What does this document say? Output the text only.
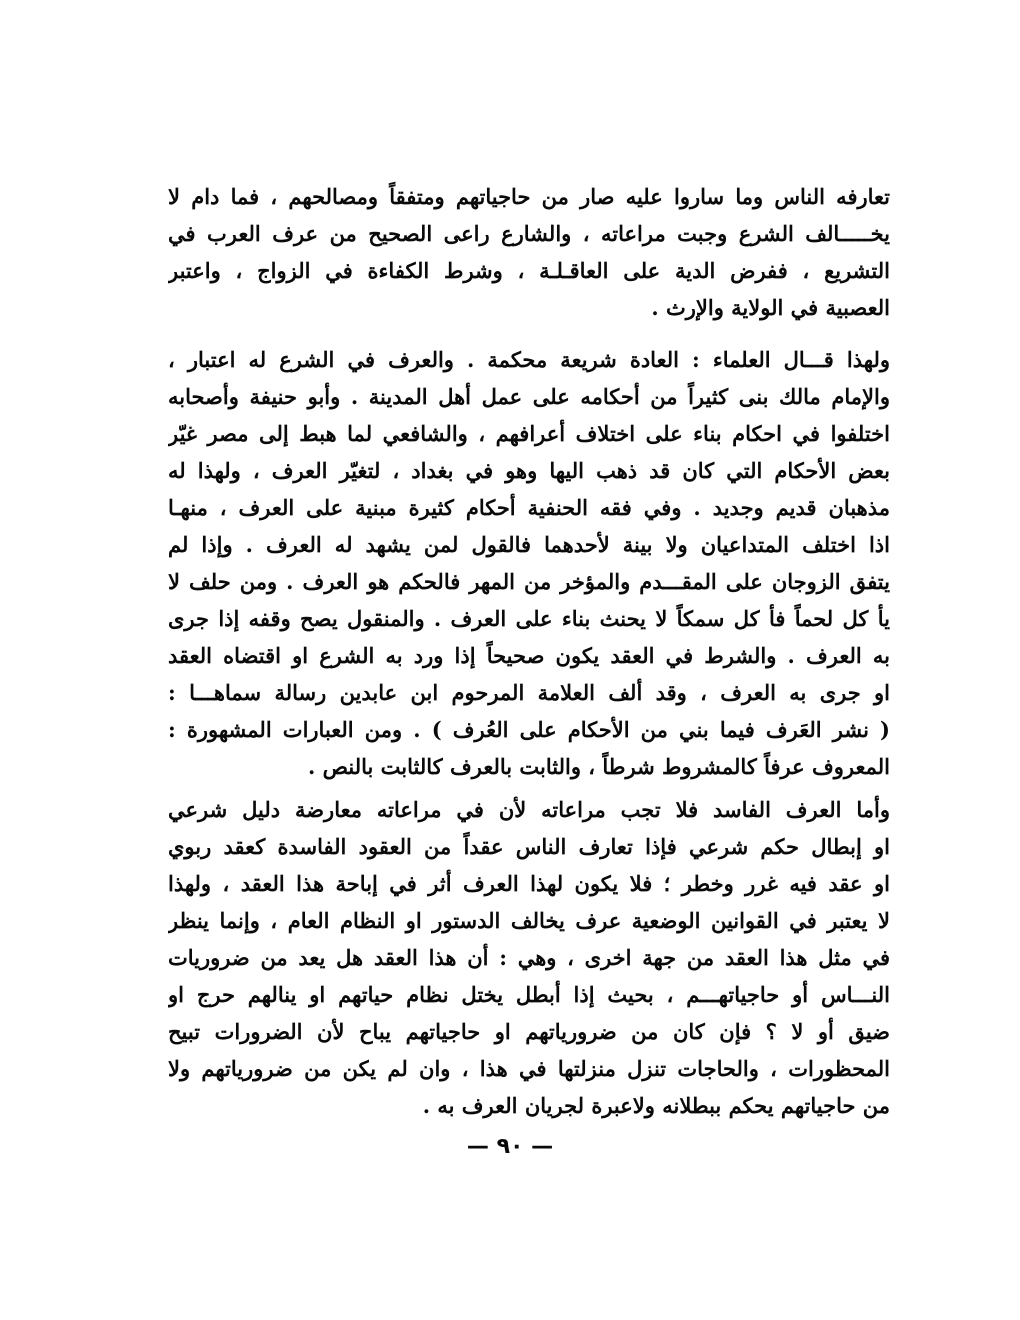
تعارفه الناس وما ساروا عليه صار من حاجياتهم ومتفقاً ومصالحهم ، فما دام لا
يخـــــالف الشرع وجبت مراعاته ، والشارع راعى الصحيح من عرف العرب في
التشريع ، ففرض الدية على العاقـلـة ، وشرط الكفاءة في الزواج ، واعتبر
العصبية في الولاية والإرث .
ولهذا قـــال العلماء : العادة شريعة محكمة . والعرف في الشرع له اعتبار ،
والإمام مالك بنى كثيراً من أحكامه على عمل أهل المدينة . وأبو حنيفة وأصحابه
اختلفوا في احكام بناء على اختلاف أعرافهم ، والشافعي لما هبط إلى مصر غيّر
بعض الأحكام التي كان قد ذهب اليها وهو في بغداد ، لتغيّر العرف ، ولهذا له
مذهبان قديم وجديد . وفي فقه الحنفية أحكام كثيرة مبنية على العرف ، منهـا
اذا اختلف المتداعيان ولا بينة لأحدهما فالقول لمن يشهد له العرف . وإذا لم
يتفق الزوجان على المقـــدم والمؤخر من المهر فالحكم هو العرف . ومن حلف لا
يأ كل لحماً فأ كل سمكاً لا يحنث بناء على العرف . والمنقول يصح وقفه إذا جرى
به العرف . والشرط في العقد يكون صحيحاً إذا ورد به الشرع او اقتضاه العقد
او جرى به العرف ، وقد ألف العلامة المرحوم ابن عابدين رسالة سماهـــا :
( نشر العَرف فيما بني من الأحكام على العُرف ) . ومن العبارات المشهورة :
المعروف عرفاً كالمشروط شرطاً ، والثابت بالعرف كالثابت بالنص .
وأما العرف الفاسد فلا تجب مراعاته لأن في مراعاته معارضة دليل شرعي
او إبطال حكم شرعي فإذا تعارف الناس عقداً من العقود الفاسدة كعقد ربوي
او عقد فيه غرر وخطر ؛ فلا يكون لهذا العرف أثر في إباحة هذا العقد ، ولهذا
لا يعتبر في القوانين الوضعية عرف يخالف الدستور او النظام العام ، وإنما ينظر
في مثل هذا العقد من جهة اخرى ، وهي : أن هذا العقد هل يعد من ضروريات
النـــاس أو حاجياتهـــم ، بحيث إذا أبطل يختل نظام حياتهم او ينالهم حرج او
ضيق أو لا ؟ فإن كان من ضرورياتهم او حاجياتهم يباح لأن الضرورات تبيح
المحظورات ، والحاجات تنزل منزلتها في هذا ، وان لم يكن من ضرورياتهم ولا
من حاجياتهم يحكم ببطلانه ولاعبرة لجريان العرف به .
— ٩٠ —
